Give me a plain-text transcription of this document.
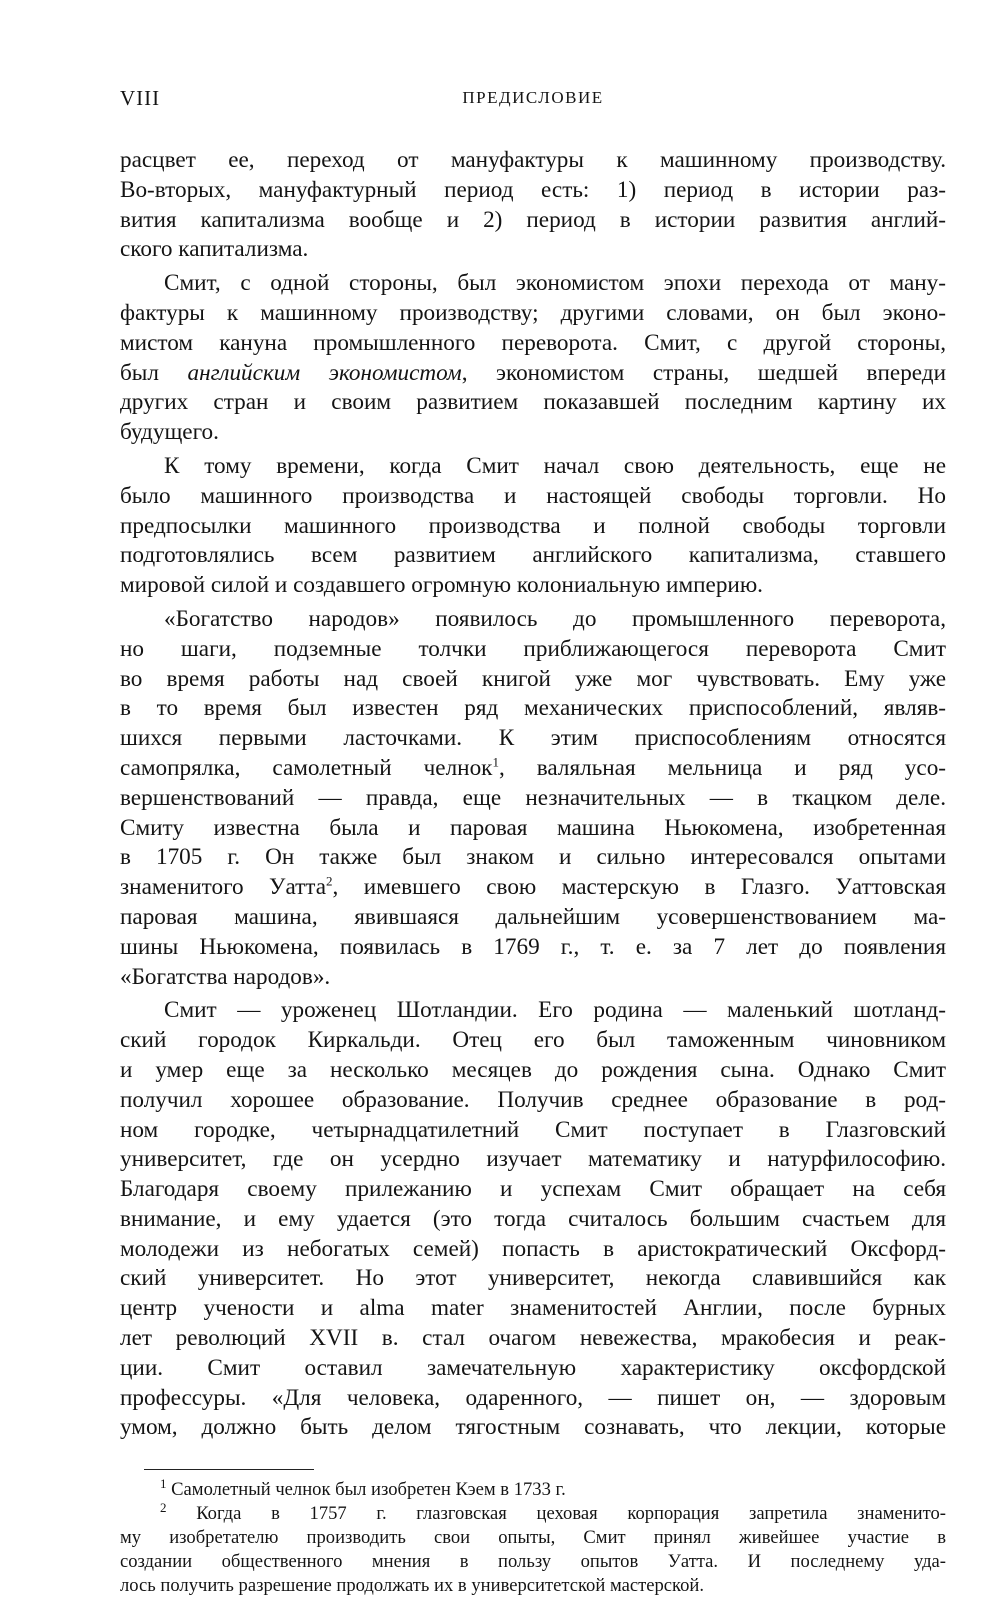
VIII	ПРЕДИСЛОВИЕ

расцвет ее, переход от мануфактуры к машинному производству.
Во-вторых, мануфактурный период есть: 1) период в истории раз-
вития капитализма вообще и 2) период в истории развития англий-
ского капитализма.

Смит, с одной стороны, был экономистом эпохи перехода от ману-
фактуры к машинному производству; другими словами, он был эконо-
мистом кануна промышленного переворота. Смит, с другой стороны,
был английским экономистом, экономистом страны, шедшей впереди
других стран и своим развитием показавшей последним картину их
будущего.

К тому времени, когда Смит начал свою деятельность, еще не
было машинного производства и настоящей свободы торговли. Но
предпосылки машинного производства и полной свободы торговли
подготовлялись всем развитием английского капитализма, ставшего
мировой силой и создавшего огромную колониальную империю.

«Богатство народов» появилось до промышленного переворота,
но шаги, подземные толчки приближающегося переворота Смит
во время работы над своей книгой уже мог чувствовать. Ему уже
в то время был известен ряд механических приспособлений, являв-
шихся первыми ласточками. К этим приспособлениям относятся
самопрялка, самолетный челнок$^1$, валяльная мельница и ряд усо-
вершенствований — правда, еще незначительных — в ткацком деле.
Смиту известна была и паровая машина Ньюкомена, изобретенная
в 1705 г. Он также был знаком и сильно интересовался опытами
знаменитого Уатта$^2$, имевшего свою мастерскую в Глазго. Уаттовская
паровая машина, явившаяся дальнейшим усовершенствованием ма-
шины Ньюкомена, появилась в 1769 г., т. е. за 7 лет до появления
«Богатства народов».

Смит — уроженец Шотландии. Его родина — маленький шотланд-
ский городок Киркальди. Отец его был таможенным чиновником
и умер еще за несколько месяцев до рождения сына. Однако Смит
получил хорошее образование. Получив среднее образование в род-
ном городке, четырнадцатилетний Смит поступает в Глазговский
университет, где он усердно изучает математику и натурфилософию.
Благодаря своему прилежанию и успехам Смит обращает на себя
внимание, и ему удается (это тогда считалось большим счастьем для
молодежи из небогатых семей) попасть в аристократический Оксфорд-
ский университет. Но этот университет, некогда славившийся как
центр учености и alma mater знаменитостей Англии, после бурных
лет революций XVII в. стал очагом невежества, мракобесия и реак-
ции. Смит оставил замечательную характеристику оксфордской
профессуры. «Для человека, одаренного, — пишет он, — здоровым
умом, должно быть делом тягостным сознавать, что лекции, которые

$^1$ Самолетный челнок был изобретен Кэем в 1733 г.

$^2$ Когда в 1757 г. глазговская цеховая корпорация запретила знаменито-
му изобретателю производить свои опыты, Смит принял живейшее участие в
создании общественного мнения в пользу опытов Уатта. И последнему уда-
лось получить разрешение продолжать их в университетской мастерской.
